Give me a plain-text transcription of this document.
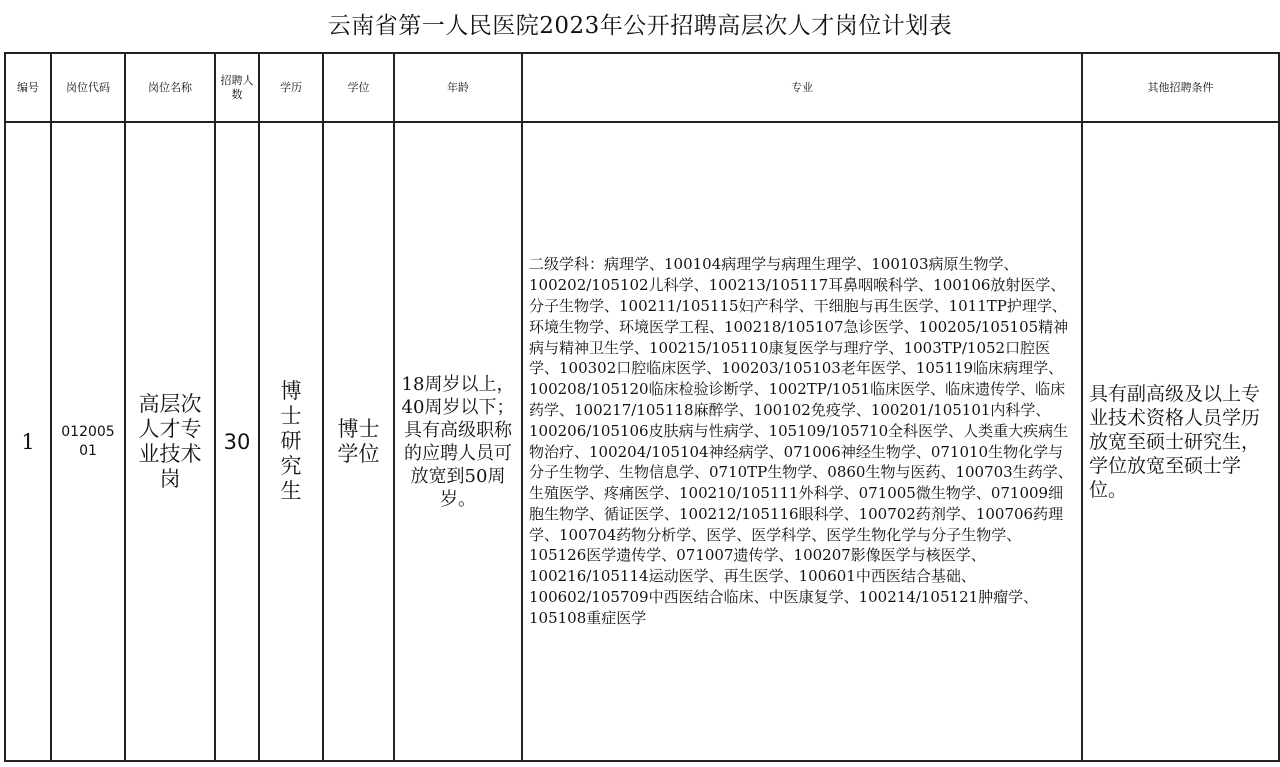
云南省第一人民医院2023年公开招聘高层次人才岗位计划表
编号	岗位代码	岗位名称	招聘人数	学历	学位	年龄	专业	其他招聘条件
1	01200501	高层次人才专业技术岗	30	博士研究生	博士学位	18周岁以上，40周岁以下；具有高级职称的应聘人员可放宽到50周岁。	二级学科：病理学、100104病理学与病理生理学、100103病原生物学、100202/105102儿科学、100213/105117耳鼻咽喉科学、100106放射医学、分子生物学、100211/105115妇产科学、干细胞与再生医学、1011TP护理学、环境生物学、环境医学工程、100218/105107急诊医学、100205/105105精神病与精神卫生学、100215/105110康复医学与理疗学、1003TP/1052口腔医学、100302口腔临床医学、100203/105103老年医学、105119临床病理学、100208/105120临床检验诊断学、1002TP/1051临床医学、临床遗传学、临床药学、100217/105118麻醉学、100102免疫学、100201/105101内科学、100206/105106皮肤病与性病学、105109/105710全科医学、人类重大疾病生物治疗、100204/105104神经病学、071006神经生物学、071010生物化学与分子生物学、生物信息学、0710TP生物学、0860生物与医药、100703生药学、生殖医学、疼痛医学、100210/105111外科学、071005微生物学、071009细胞生物学、循证医学、100212/105116眼科学、100702药剂学、100706药理学、100704药物分析学、医学、医学科学、医学生物化学与分子生物学、105126医学遗传学、071007遗传学、100207影像医学与核医学、100216/105114运动医学、再生医学、100601中西医结合基础、100602/105709中西医结合临床、中医康复学、100214/105121肿瘤学、105108重症医学	具有副高级及以上专业技术资格人员学历放宽至硕士研究生，学位放宽至硕士学位。
